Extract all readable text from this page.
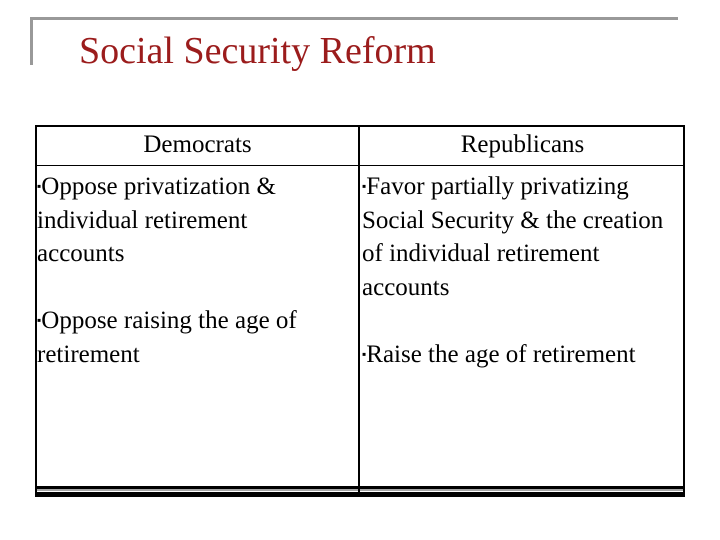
Social Security Reform
Democrats	Republicans
▪Oppose privatization & individual retirement accounts
▪Oppose raising the age of retirement
▪Favor partially privatizing Social Security & the creation of individual retirement accounts
▪Raise the age of retirement
